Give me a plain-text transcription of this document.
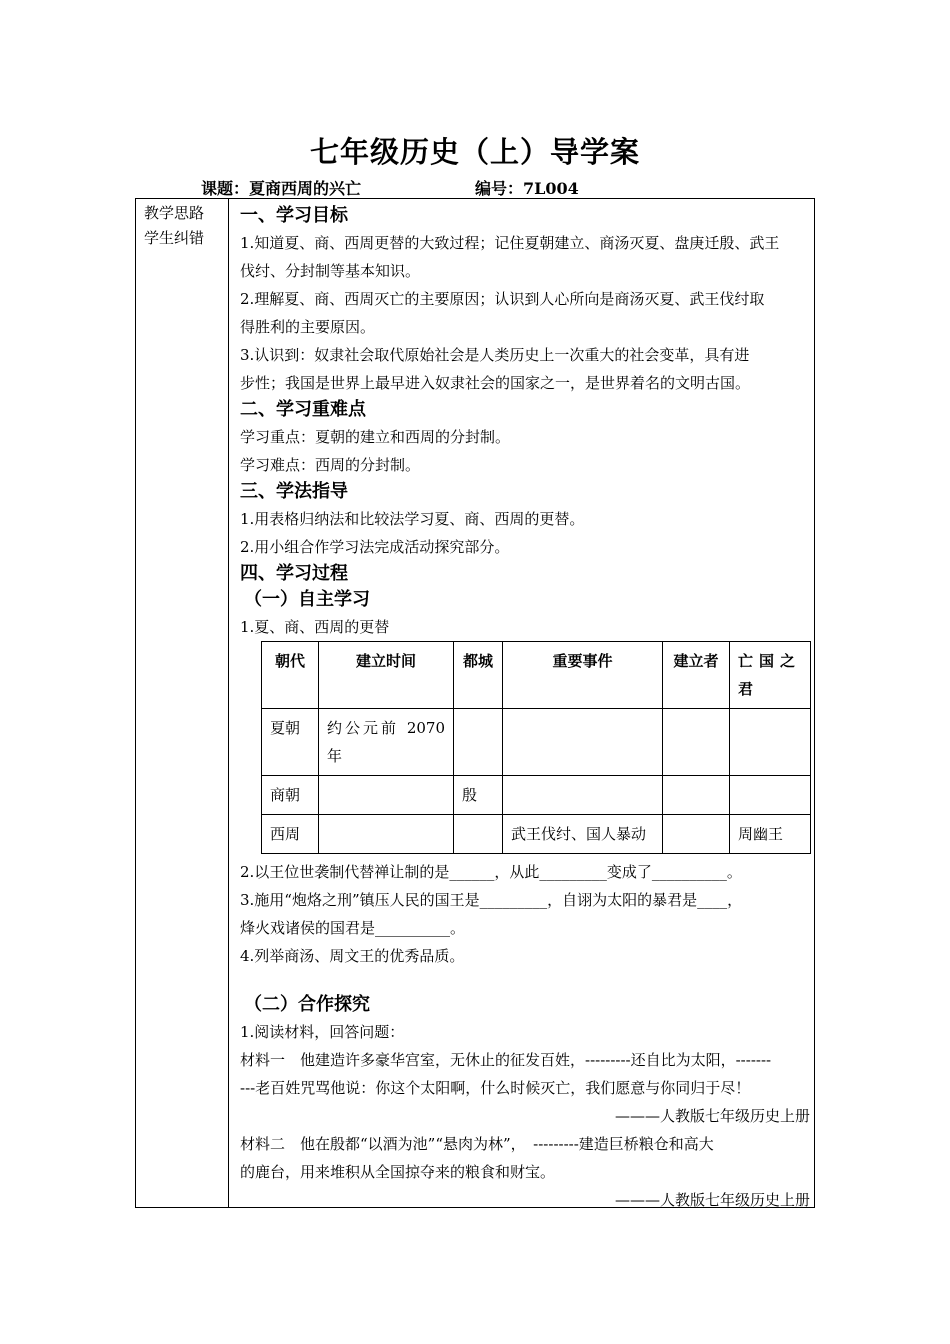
七年级历史（上）导学案
课题：夏商西周的兴亡	编号：7L004
教学思路
学生纠错
一、学习目标
1.知道夏、商、西周更替的大致过程；记住夏朝建立、商汤灭夏、盘庚迁殷、武王
伐纣、分封制等基本知识。
2.理解夏、商、西周灭亡的主要原因；认识到人心所向是商汤灭夏、武王伐纣取
得胜利的主要原因。
3.认识到：奴隶社会取代原始社会是人类历史上一次重大的社会变革，具有进
步性；我国是世界上最早进入奴隶社会的国家之一，是世界着名的文明古国。
二、学习重难点
学习重点：夏朝的建立和西周的分封制。
学习难点：西周的分封制。
三、学法指导
1.用表格归纳法和比较法学习夏、商、西周的更替。
2.用小组合作学习法完成活动探究部分。
四、学习过程
（一）自主学习
1.夏、商、西周的更替
朝代	建立时间	都城	重要事件	建立者	亡国之君
夏朝	约公元前 2070 年				
商朝		殷			
西周			武王伐纣、国人暴动		周幽王
2.以王位世袭制代替禅让制的是______，从此_________变成了__________。
3.施用“炮烙之刑”镇压人民的国王是_________，自诩为太阳的暴君是____，
烽火戏诸侯的国君是__________。
4.列举商汤、周文王的优秀品质。
（二）合作探究
1.阅读材料，回答问题：
材料一　他建造许多豪华宫室，无休止的征发百姓，---------还自比为太阳，-------
---老百姓咒骂他说：你这个太阳啊，什么时候灭亡，我们愿意与你同归于尽！
———人教版七年级历史上册
材料二　他在殷都“以酒为池”“悬肉为林”，　---------建造巨桥粮仓和高大
的鹿台，用来堆积从全国掠夺来的粮食和财宝。
———人教版七年级历史上册
